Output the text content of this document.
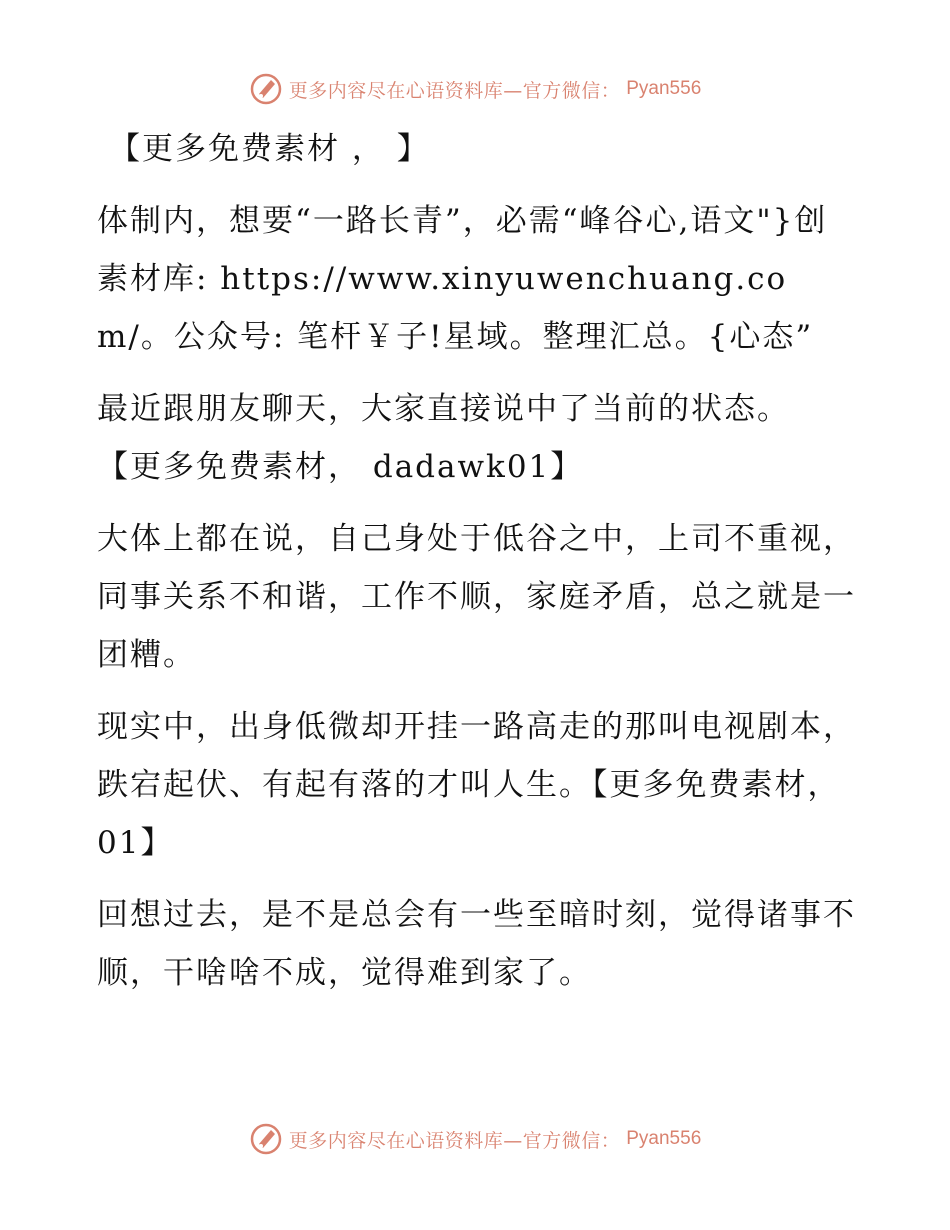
更多内容尽在心语资料库—官方微信： Pyan556

【更多免费素材 ， 】

体制内，想要“一路长青”，必需“峰谷心,语文"}创素材库: https://www.xinyuwenchuang.com/。公众号: 笔杆￥子!星域。整理汇总。{心态”

最近跟朋友聊天，大家直接说中了当前的状态。

【更多免费素材， dadawk01】

大体上都在说，自己身处于低谷之中，上司不重视，同事关系不和谐，工作不顺，家庭矛盾，总之就是一团糟。

现实中，出身低微却开挂一路高走的那叫电视剧本，跌宕起伏、有起有落的才叫人生。【更多免费素材， 01】

回想过去，是不是总会有一些至暗时刻，觉得诸事不顺，干啥啥不成，觉得难到家了。

更多内容尽在心语资料库—官方微信： Pyan556
